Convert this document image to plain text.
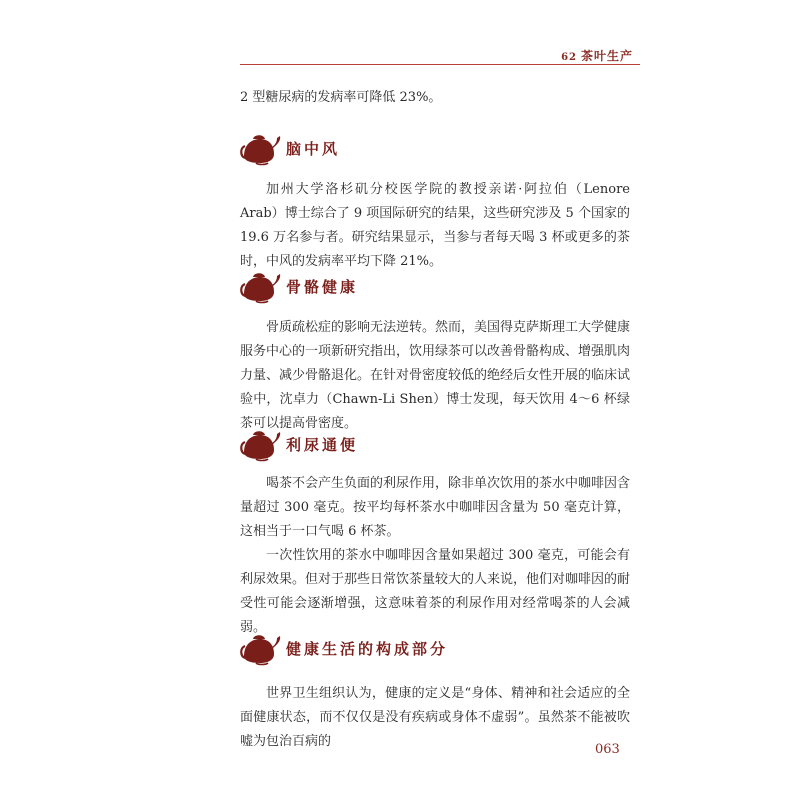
62 茶叶生产

2 型糖尿病的发病率可降低 23%。

脑中风

加州大学洛杉矶分校医学院的教授亲诺·阿拉伯（Lenore Arab）博士综合了 9 项国际研究的结果，这些研究涉及 5 个国家的 19.6 万名参与者。研究结果显示，当参与者每天喝 3 杯或更多的茶时，中风的发病率平均下降 21%。

骨骼健康

骨质疏松症的影响无法逆转。然而，美国得克萨斯理工大学健康服务中心的一项新研究指出，饮用绿茶可以改善骨骼构成、增强肌肉力量、减少骨骼退化。在针对骨密度较低的绝经后女性开展的临床试验中，沈卓力（Chawn-Li Shen）博士发现，每天饮用 4～6 杯绿茶可以提高骨密度。

利尿通便

喝茶不会产生负面的利尿作用，除非单次饮用的茶水中咖啡因含量超过 300 毫克。按平均每杯茶水中咖啡因含量为 50 毫克计算，这相当于一口气喝 6 杯茶。

一次性饮用的茶水中咖啡因含量如果超过 300 毫克，可能会有利尿效果。但对于那些日常饮茶量较大的人来说，他们对咖啡因的耐受性可能会逐渐增强，这意味着茶的利尿作用对经常喝茶的人会减弱。

健康生活的构成部分

世界卫生组织认为，健康的定义是“身体、精神和社会适应的全面健康状态，而不仅仅是没有疾病或身体不虚弱”。虽然茶不能被吹嘘为包治百病的

063
